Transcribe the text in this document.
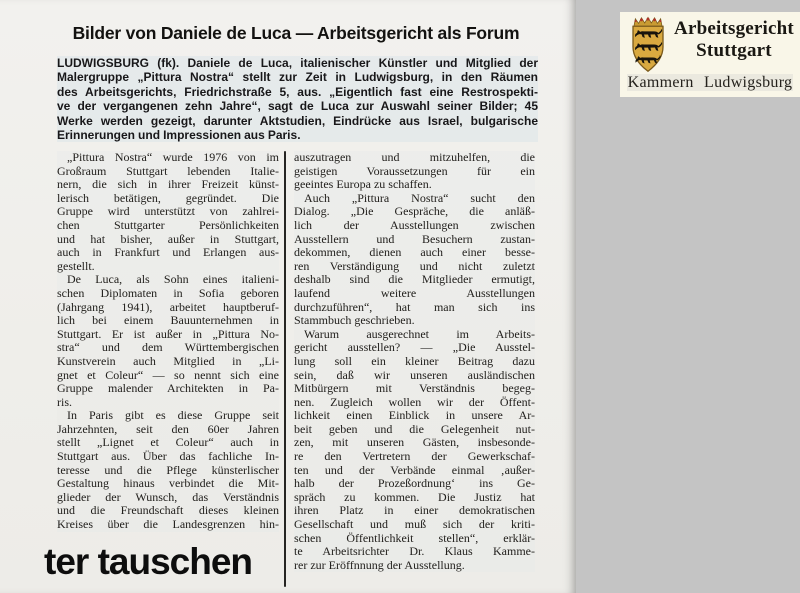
Bilder von Daniele de Luca — Arbeitsgericht als Forum
LUDWIGSBURG (fk). Daniele de Luca, italienischer Künstler und Mitglied der
Malergruppe „Pittura Nostra“ stellt zur Zeit in Ludwigsburg, in den Räumen
des Arbeitsgerichts, Friedrichstraße 5, aus. „Eigentlich fast eine Restrospekti-
ve der vergangenen zehn Jahre“, sagt de Luca zur Auswahl seiner Bilder; 45
Werke werden gezeigt, darunter Aktstudien, Eindrücke aus Israel, bulgarische
Erinnerungen und Impressionen aus Paris.
„Pittura Nostra“ wurde 1976 von im
Großraum Stuttgart lebenden Italie-
nern, die sich in ihrer Freizeit künst-
lerisch betätigen, gegründet. Die
Gruppe wird unterstützt von zahlrei-
chen Stuttgarter Persönlichkeiten
und hat bisher, außer in Stuttgart,
auch in Frankfurt und Erlangen aus-
gestellt.
De Luca, als Sohn eines italieni-
schen Diplomaten in Sofia geboren
(Jahrgang 1941), arbeitet hauptberuf-
lich bei einem Bauunternehmen in
Stuttgart. Er ist außer in „Pittura No-
stra“ und dem Württembergischen
Kunstverein auch Mitglied in „Li-
gnet et Coleur“ — so nennt sich eine
Gruppe malender Architekten in Pa-
ris.
In Paris gibt es diese Gruppe seit
Jahrzehnten, seit den 60er Jahren
stellt „Lignet et Coleur“ auch in
Stuttgart aus. Über das fachliche In-
teresse und die Pflege künsterlischer
Gestaltung hinaus verbindet die Mit-
glieder der Wunsch, das Verständnis
und die Freundschaft dieses kleinen
Kreises über die Landesgrenzen hin-
auszutragen und mitzuhelfen, die
geistigen Voraussetzungen für ein
geeintes Europa zu schaffen.
Auch „Pittura Nostra“ sucht den
Dialog. „Die Gespräche, die anläß-
lich der Ausstellungen zwischen
Ausstellern und Besuchern zustan-
dekommen, dienen auch einer besse-
ren Verständigung und nicht zuletzt
deshalb sind die Mitglieder ermutigt,
laufend weitere Ausstellungen
durchzuführen“, hat man sich ins
Stammbuch geschrieben.
Warum ausgerechnet im Arbeits-
gericht ausstellen? — „Die Ausstel-
lung soll ein kleiner Beitrag dazu
sein, daß wir unseren ausländischen
Mitbürgern mit Verständnis begeg-
nen. Zugleich wollen wir der Öffent-
lichkeit einen Einblick in unsere Ar-
beit geben und die Gelegenheit nut-
zen, mit unseren Gästen, insbesonde-
re den Vertretern der Gewerkschaf-
ten und der Verbände einmal ‚außer-
halb der Prozeßordnung‘ ins Ge-
spräch zu kommen. Die Justiz hat
ihren Platz in einer demokratischen
Gesellschaft und muß sich der kriti-
schen Öffentlichkeit stellen“, erklär-
te Arbeitsrichter Dr. Klaus Kamme-
rer zur Eröffnnung der Ausstellung.
ter tauschen
Arbeitsgericht
Stuttgart
Kammern Ludwigsburg
